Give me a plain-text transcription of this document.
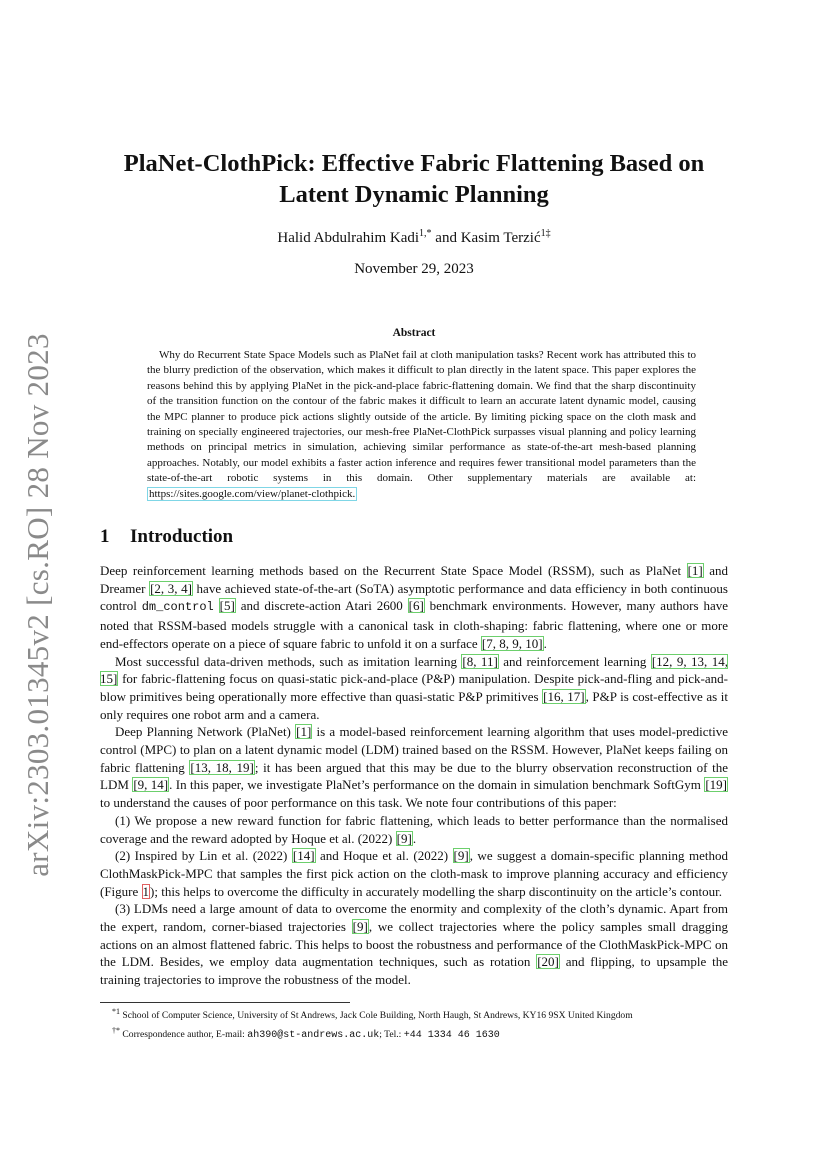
arXiv:2303.01345v2 [cs.RO] 28 Nov 2023
PlaNet-ClothPick: Effective Fabric Flattening Based on
Latent Dynamic Planning
Halid Abdulrahim Kadi$^{1,*}$ and Kasim Terzić$^{1\ddagger}$
November 29, 2023
Abstract

Why do Recurrent State Space Models such as PlaNet fail at cloth manipulation tasks? Recent work has attributed this to the blurry prediction of the observation, which makes it difficult to plan directly in the latent space. This paper explores the reasons behind this by applying PlaNet in the pick-and-place fabric-flattening domain. We find that the sharp discontinuity of the transition function on the contour of the fabric makes it difficult to learn an accurate latent dynamic model, causing the MPC planner to produce pick actions slightly outside of the article. By limiting picking space on the cloth mask and training on specially engineered trajectories, our mesh-free PlaNet-ClothPick surpasses visual planning and policy learning methods on principal metrics in simulation, achieving similar performance as state-of-the-art mesh-based planning approaches. Notably, our model exhibits a faster action inference and requires fewer transitional model parameters than the state-of-the-art robotic systems in this domain. Other supplementary materials are available at: https://sites.google.com/view/planet-clothpick.

1 Introduction

Deep reinforcement learning methods based on the Recurrent State Space Model (RSSM), such as PlaNet [1] and Dreamer [2, 3, 4] have achieved state-of-the-art (SoTA) asymptotic performance and data efficiency in both continuous control dm_control [5] and discrete-action Atari 2600 [6] benchmark environments. However, many authors have noted that RSSM-based models struggle with a canonical task in cloth-shaping: fabric flattening, where one or more end-effectors operate on a piece of square fabric to unfold it on a surface [7, 8, 9, 10].

Most successful data-driven methods, such as imitation learning [8, 11] and reinforcement learning [12, 9, 13, 14, 15] for fabric-flattening focus on quasi-static pick-and-place (P&P) manipulation. Despite pick-and-fling and pick-and-blow primitives being operationally more effective than quasi-static P&P primitives [16, 17], P&P is cost-effective as it only requires one robot arm and a camera.

Deep Planning Network (PlaNet) [1] is a model-based reinforcement learning algorithm that uses model-predictive control (MPC) to plan on a latent dynamic model (LDM) trained based on the RSSM. However, PlaNet keeps failing on fabric flattening [13, 18, 19]; it has been argued that this may be due to the blurry observation reconstruction of the LDM [9, 14]. In this paper, we investigate PlaNet’s performance on the domain in simulation benchmark SoftGym [19] to understand the causes of poor performance on this task. We note four contributions of this paper:

(1) We propose a new reward function for fabric flattening, which leads to better performance than the normalised coverage and the reward adopted by Hoque et al. (2022) [9].

(2) Inspired by Lin et al. (2022) [14] and Hoque et al. (2022) [9], we suggest a domain-specific planning method ClothMaskPick-MPC that samples the first pick action on the cloth-mask to improve planning accuracy and efficiency (Figure 1); this helps to overcome the difficulty in accurately modelling the sharp discontinuity on the article’s contour.

(3) LDMs need a large amount of data to overcome the enormity and complexity of the cloth’s dynamic. Apart from the expert, random, corner-biased trajectories [9], we collect trajectories where the policy samples small dragging actions on an almost flattened fabric. This helps to boost the robustness and performance of the ClothMaskPick-MPC on the LDM. Besides, we employ data augmentation techniques, such as rotation [20] and flipping, to upsample the training trajectories to improve the robustness of the model.

$^{*1}$ School of Computer Science, University of St Andrews, Jack Cole Building, North Haugh, St Andrews, KY16 9SX United Kingdom
†* Correspondence author, E-mail: ah390@st-andrews.ac.uk; Tel.: +44 1334 46 1630
